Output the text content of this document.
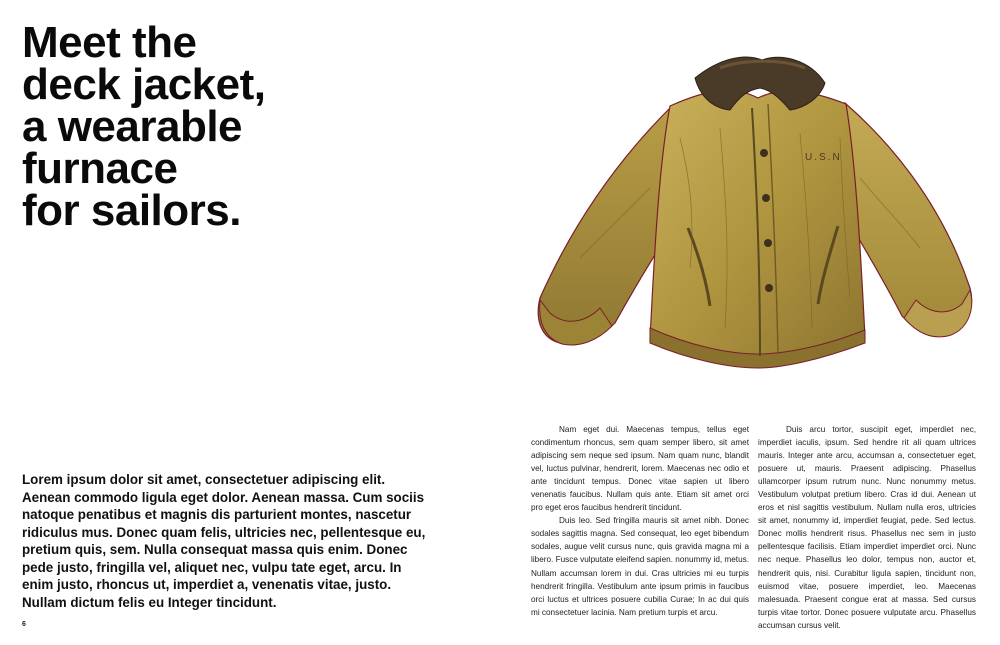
Meet the
deck jacket,
a wearable
furnace
for sailors.
Lorem ipsum dolor sit amet, consectetuer adipiscing elit. Aenean commodo ligula eget dolor. Aenean massa. Cum sociis natoque penatibus et magnis dis parturient montes, nascetur ridiculus mus. Donec quam felis, ultricies nec, pellentesque eu, pretium quis, sem. Nulla consequat massa quis enim. Donec pede justo, fringilla vel, aliquet nec, vulpu tate eget, arcu. In enim justo, rhoncus ut, imperdiet a, venenatis vitae, justo. Nullam dictum felis eu Integer tincidunt.
6
U.S.N

Nam eget dui. Maecenas tempus, tellus eget condimentum rhoncus, sem quam semper libero, sit amet adipiscing sem neque sed ipsum. Nam quam nunc, blandit vel, luctus pulvinar, hendrerit, lorem. Maecenas nec odio et ante tincidunt tempus. Donec vitae sapien ut libero venenatis faucibus. Nullam quis ante. Etiam sit amet orci pro eget eros faucibus hendrerit tincidunt.

Duis leo. Sed fringilla mauris sit amet nibh. Donec sodales sagittis magna. Sed consequat, leo eget bibendum sodales, augue velit cursus nunc, quis gravida magna mi a libero. Fusce vulputate eleifend sapien. nonummy id, metus. Nullam accumsan lorem in dui. Cras ultricies mi eu turpis hendrerit fringilla. Vestibulum ante ipsum primis in faucibus orci luctus et ultrices posuere cubilia Curae; In ac dui quis mi consectetuer lacinia. Nam pretium turpis et arcu.

Duis arcu tortor, suscipit eget, imperdiet nec, imperdiet iaculis, ipsum. Sed hendre rit ali quam ultrices mauris. Integer ante arcu, accumsan a, consectetuer eget, posuere ut, mauris. Praesent adipiscing. Phasellus ullamcorper ipsum rutrum nunc. Nunc nonummy metus. Vestibulum volutpat pretium libero. Cras id dui. Aenean ut eros et nisl sagittis vestibulum. Nullam nulla eros, ultricies sit amet, nonummy id, imperdiet feugiat, pede. Sed lectus. Donec mollis hendrerit risus. Phasellus nec sem in justo pellentesque facilisis. Etiam imperdiet imperdiet orci. Nunc nec neque. Phasellus leo dolor, tempus non, auctor et, hendrerit quis, nisi. Curabitur ligula sapien, tincidunt non, euismod vitae, posuere imperdiet, leo. Maecenas malesuada. Praesent congue erat at massa. Sed cursus turpis vitae tortor. Donec posuere vulputate arcu. Phasellus accumsan cursus velit.
